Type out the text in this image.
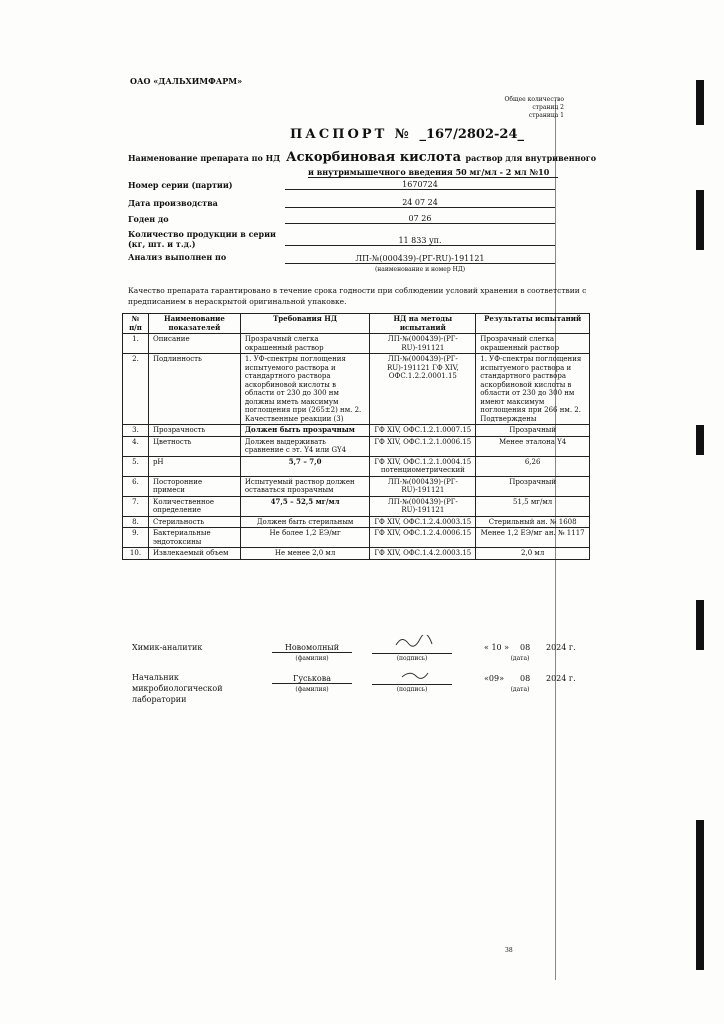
ОАО «ДАЛЬХИМФАРМ»
Общее количество страниц 2
страница 1
ПАСПОРТ № _167/2802-24_
Наименование препарата по НД Аскорбиновая кислота раствор для внутривенного
и внутримышечного введения 50 мг/мл - 2 мл №10
Номер серии (партии)	1670724
Дата производства	24 07 24
Годен до	07 26
Количество продукции в серии (кг, шт. и т.д.)	11 833 уп.
Анализ выполнен по	ЛП-№(000439)-(РГ-RU)-191121
(наименование и номер НД)
Качество препарата гарантировано в течение срока годности при соблюдении условий хранения в соответствии с предписанием в нераскрытой оригинальной упаковке.
№ п/п	Наименование показателей	Требования НД	НД на методы испытаний	Результаты испытаний
1.	Описание	Прозрачный слегка окрашенный раствор	ЛП-№(000439)-(РГ-RU)-191121	Прозрачный слегка окрашенный раствор
2.	Подлинность	1. УФ-спектры поглощения испытуемого раствора и стандартного раствора аскорбиновой кислоты в области от 230 до 300 нм должны иметь максимум поглощения при (265±2) нм. 2. Качественные реакции (3)	ЛП-№(000439)-(РГ-RU)-191121 ГФ XIV, ОФС.1.2.2.0001.15	1. УФ-спектры поглощения испытуемого раствора и стандартного раствора аскорбиновой кислоты в области от 230 до 300 нм имеют максимум поглощения при 266 нм. 2. Подтверждены
3.	Прозрачность	Должен быть прозрачным	ГФ XIV, ОФС.1.2.1.0007.15	Прозрачный
4.	Цветность	Должен выдерживать сравнение с эт. Y4 или GY4	ГФ XIV, ОФС.1.2.1.0006.15	Менее эталона Y4
5.	pH	5,7 – 7,0	ГФ XIV, ОФС.1.2.1.0004.15 потенциометрический	6,26
6.	Посторонние примеси	Испытуемый раствор должен оставаться прозрачным	ЛП-№(000439)-(РГ-RU)-191121	Прозрачный
7.	Количественное определение	47,5 – 52,5 мг/мл	ЛП-№(000439)-(РГ-RU)-191121	51,5 мг/мл
8.	Стерильность	Должен быть стерильным	ГФ XIV, ОФС.1.2.4.0003.15	Стерильный ан. № 1608
9.	Бактериальные эндотоксины	Не более 1,2 ЕЭ/мг	ГФ XIV, ОФС.1.2.4.0006.15	Менее 1,2 ЕЭ/мг ан. № 1117
10.	Извлекаемый объем	Не менее 2,0 мл	ГФ XIV, ОФС.1.4.2.0003.15	2,0 мл
Химик-аналитик	Новомолный
(фамилия)	(подпись)
« 10 » 08 2024 г.
(дата)
Начальник микробиологической лаборатории
Гуськова
(фамилия)	(подпись)
«09» 08 2024 г.
(дата)
38
